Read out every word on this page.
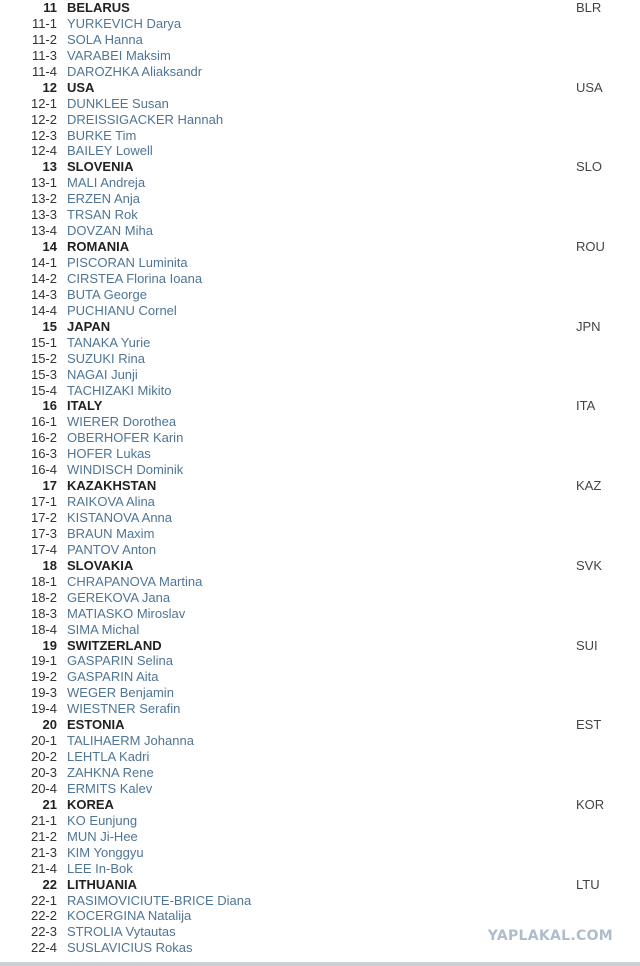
11 BELARUS	BLR
11-1 YURKEVICH Darya
11-2 SOLA Hanna
11-3 VARABEI Maksim
11-4 DAROZHKA Aliaksandr
12 USA	USA
12-1 DUNKLEE Susan
12-2 DREISSIGACKER Hannah
12-3 BURKE Tim
12-4 BAILEY Lowell
13 SLOVENIA	SLO
13-1 MALI Andreja
13-2 ERZEN Anja
13-3 TRSAN Rok
13-4 DOVZAN Miha
14 ROMANIA	ROU
14-1 PISCORAN Luminita
14-2 CIRSTEA Florina Ioana
14-3 BUTA George
14-4 PUCHIANU Cornel
15 JAPAN	JPN
15-1 TANAKA Yurie
15-2 SUZUKI Rina
15-3 NAGAI Junji
15-4 TACHIZAKI Mikito
16 ITALY	ITA
16-1 WIERER Dorothea
16-2 OBERHOFER Karin
16-3 HOFER Lukas
16-4 WINDISCH Dominik
17 KAZAKHSTAN	KAZ
17-1 RAIKOVA Alina
17-2 KISTANOVA Anna
17-3 BRAUN Maxim
17-4 PANTOV Anton
18 SLOVAKIA	SVK
18-1 CHRAPANOVA Martina
18-2 GEREKOVA Jana
18-3 MATIASKO Miroslav
18-4 SIMA Michal
19 SWITZERLAND	SUI
19-1 GASPARIN Selina
19-2 GASPARIN Aita
19-3 WEGER Benjamin
19-4 WIESTNER Serafin
20 ESTONIA	EST
20-1 TALIHAERM Johanna
20-2 LEHTLA Kadri
20-3 ZAHKNA Rene
20-4 ERMITS Kalev
21 KOREA	KOR
21-1 KO Eunjung
21-2 MUN Ji-Hee
21-3 KIM Yonggyu
21-4 LEE In-Bok
22 LITHUANIA	LTU
22-1 RASIMOVICIUTE-BRICE Diana
22-2 KOCERGINA Natalija
22-3 STROLIA Vytautas
22-4 SUSLAVICIUS Rokas
YAPLAKAL.COM
